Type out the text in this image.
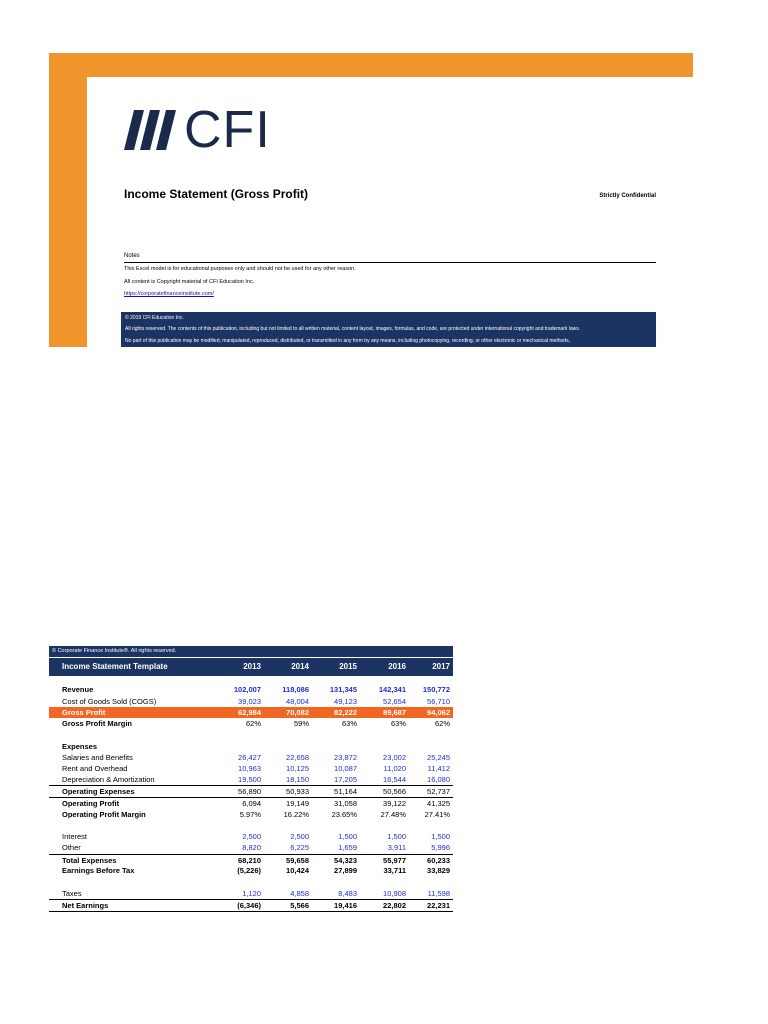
CFI
Income Statement (Gross Profit)	Strictly Confidential
Notes
This Excel model is for educational purposes only and should not be used for any other reason.
All content is Copyright material of CFI Education Inc.
https://corporatefinanceinstitute.com/
© 2019 CFI Education Inc.
All rights reserved. The contents of this publication, including but not limited to all written material, content layout, images, formulas, and code, are protected under international copyright and trademark laws.
No part of this publication may be modified, manipulated, reproduced, distributed, or transmitted in any form by any means, including photocopying, recording, or other electronic or mechanical methods,
© Corporate Finance Institute®. All rights reserved.
Income Statement Template	2013	2014	2015	2016	2017
Revenue	102,007	118,086	131,345	142,341	150,772
Cost of Goods Sold (COGS)	39,023	48,004	49,123	52,654	56,710
Gross Profit	62,984	70,082	82,222	89,687	94,062
Gross Profit Margin	62%	59%	63%	63%	62%
Expenses
Salaries and Benefits	26,427	22,658	23,872	23,002	25,245
Rent and Overhead	10,963	10,125	10,087	11,020	11,412
Depreciation & Amortization	19,500	18,150	17,205	16,544	16,080
Operating Expenses	56,890	50,933	51,164	50,566	52,737
Operating Profit	6,094	19,149	31,058	39,122	41,325
Operating Profit Margin	5.97%	16.22%	23.65%	27.48%	27.41%
Interest	2,500	2,500	1,500	1,500	1,500
Other	8,820	6,225	1,659	3,911	5,996
Total Expenses	68,210	59,658	54,323	55,977	60,233
Earnings Before Tax	(5,226)	10,424	27,899	33,711	33,829
Taxes	1,120	4,858	8,483	10,908	11,598
Net Earnings	(6,346)	5,566	19,416	22,802	22,231
